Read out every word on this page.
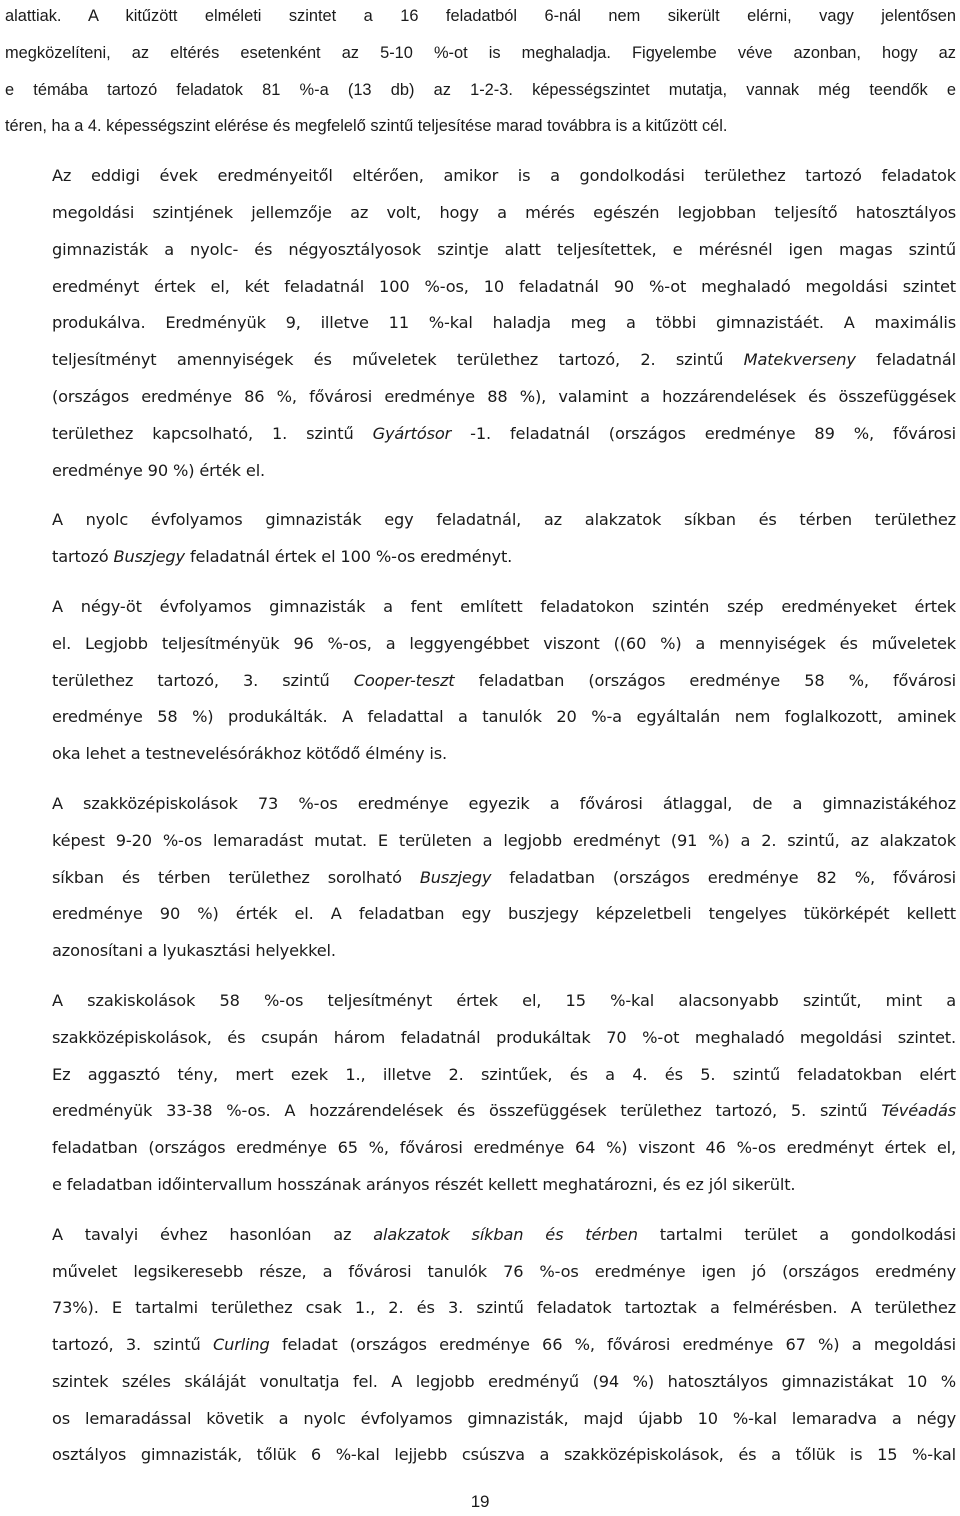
alattiak. A kitűzött elméleti szintet a 16 feladatból 6-nál nem sikerült elérni, vagy jelentősen
megközelíteni, az eltérés esetenként az 5-10 %-ot is meghaladja. Figyelembe véve azonban, hogy az
e témába tartozó feladatok 81 %-a (13 db) az 1-2-3. képességszintet mutatja, vannak még teendők e
téren, ha a 4. képességszint elérése és megfelelő szintű teljesítése marad továbbra is a kitűzött cél.

Az eddigi évek eredményeitől eltérően, amikor is a gondolkodási területhez tartozó feladatok
megoldási szintjének jellemzője az volt, hogy a mérés egészén legjobban teljesítő hatosztályos
gimnazisták a nyolc- és négyosztályosok szintje alatt teljesítettek, e mérésnél igen magas szintű
eredményt értek el, két feladatnál 100 %-os, 10 feladatnál 90 %-ot meghaladó megoldási szintet
produkálva. Eredményük 9, illetve 11 %-kal haladja meg a többi gimnazistáét. A maximális
teljesítményt amennyiségek és műveletek területhez tartozó, 2. szintű Matekverseny feladatnál
(országos eredménye 86 %, fővárosi eredménye 88 %), valamint a hozzárendelések és összefüggések
területhez kapcsolható, 1. szintű Gyártósor -1. feladatnál (országos eredménye 89 %, fővárosi
eredménye 90 %) érték el.

A nyolc évfolyamos gimnazisták egy feladatnál, az alakzatok síkban és térben területhez
tartozó Buszjegy feladatnál értek el 100 %-os eredményt.

A négy-öt évfolyamos gimnazisták a fent említett feladatokon szintén szép eredményeket értek
el. Legjobb teljesítményük 96 %-os, a leggyengébbet viszont ((60 %) a mennyiségek és műveletek
területhez tartozó, 3. szintű Cooper-teszt feladatban (országos eredménye 58 %, fővárosi
eredménye 58 %) produkálták. A feladattal a tanulók 20 %-a egyáltalán nem foglalkozott, aminek
oka lehet a testnevelésórákhoz kötődő élmény is.

A szakközépiskolások 73 %-os eredménye egyezik a fővárosi átlaggal, de a gimnazistákéhoz
képest 9-20 %-os lemaradást mutat. E területen a legjobb eredményt (91 %) a 2. szintű, az alakzatok
síkban és térben területhez sorolható Buszjegy feladatban (országos eredménye 82 %, fővárosi
eredménye 90 %) érték el. A feladatban egy buszjegy képzeletbeli tengelyes tükörképét kellett
azonosítani a lyukasztási helyekkel.

A szakiskolások 58 %-os teljesítményt értek el, 15 %-kal alacsonyabb szintűt, mint a
szakközépiskolások, és csupán három feladatnál produkáltak 70 %-ot meghaladó megoldási szintet.
Ez aggasztó tény, mert ezek 1., illetve 2. szintűek, és a 4. és 5. szintű feladatokban elért
eredményük 33-38 %-os. A hozzárendelések és összefüggések területhez tartozó, 5. szintű Tévéadás
feladatban (országos eredménye 65 %, fővárosi eredménye 64 %) viszont 46 %-os eredményt értek el,
e feladatban időintervallum hosszának arányos részét kellett meghatározni, és ez jól sikerült.

A tavalyi évhez hasonlóan az alakzatok síkban és térben tartalmi terület a gondolkodási
művelet legsikeresebb része, a fővárosi tanulók 76 %-os eredménye igen jó (országos eredmény
73%). E tartalmi területhez csak 1., 2. és 3. szintű feladatok tartoztak a felmérésben. A területhez
tartozó, 3. szintű Curling feladat (országos eredménye 66 %, fővárosi eredménye 67 %) a megoldási
szintek széles skáláját vonultatja fel. A legjobb eredményű (94 %) hatosztályos gimnazistákat 10 %
os lemaradással követik a nyolc évfolyamos gimnazisták, majd újabb 10 %-kal lemaradva a négy
osztályos gimnazisták, tőlük 6 %-kal lejjebb csúszva a szakközépiskolások, és a tőlük is 15 %-kal

19
